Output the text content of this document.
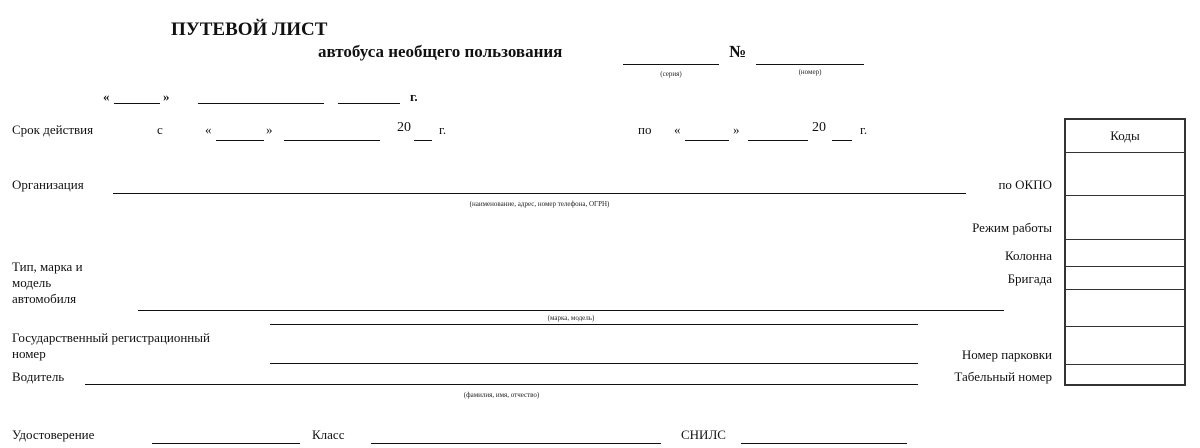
ПУТЕВОЙ ЛИСТ
автобуса необщего пользования
(серия)
№
(номер)
«	»	г.
Срок действия	с	«	»	20 г.	по «	»	20	г.
Организация
(наименование, адрес, номер телефона, ОГРН)
по ОКПО
Режим работы
Колонна
Бригада
Номер парковки
Табельный номер
Тип, марка и
модель
автомобиля
(марка, модель)
Государственный регистрационный
номер
Водитель
(фамилия, имя, отчество)
Удостоверение	Класс	СНИЛС
Коды
